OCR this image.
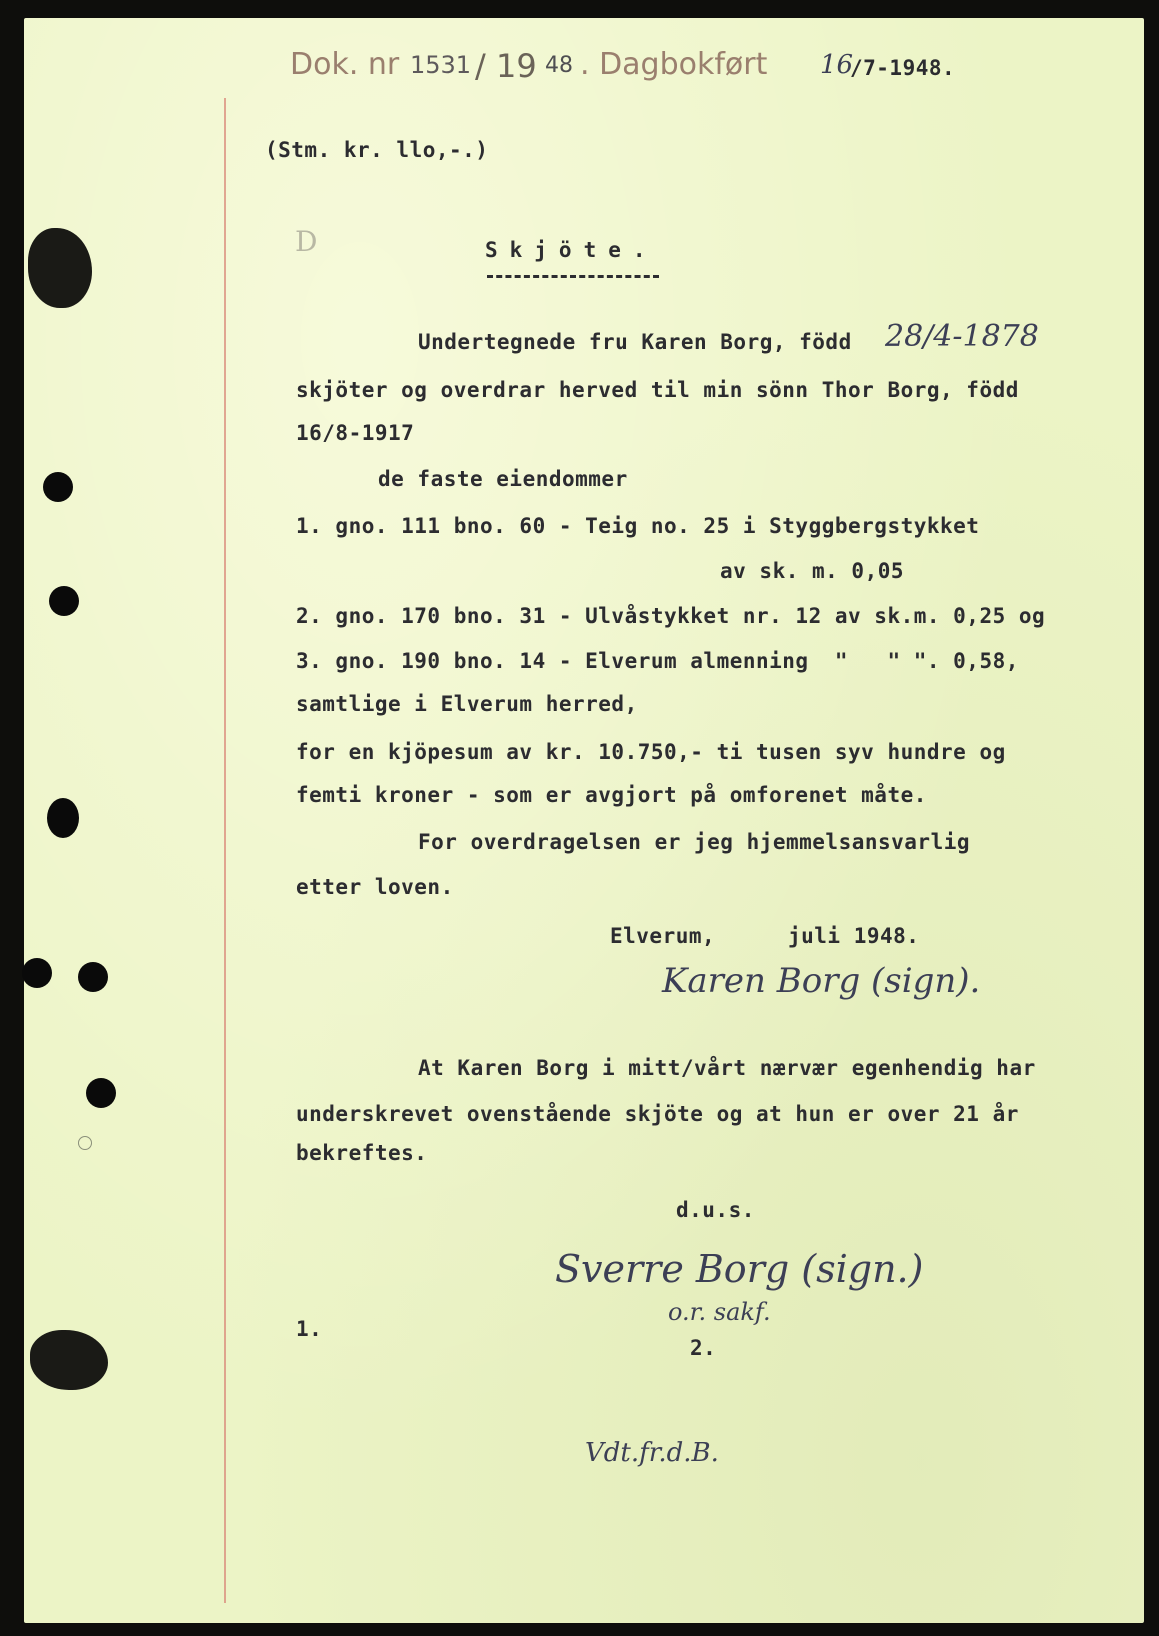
Dok. nr 1531 / 19 48 . Dagbokført 16
/7-1948.
(Stm. kr. llo,-.)
D	Skjöte.
Undertegnede fru Karen Borg, född 28/4-1878
skjöter og overdrar herved til min sönn Thor Borg, född
16/8-1917
de faste eiendommer
1. gno. 111 bno. 60 - Teig no. 25 i Styggbergstykket
av sk. m. 0,05
2. gno. 170 bno. 31 - Ulvåstykket nr. 12 av sk.m. 0,25 og
3. gno. 190 bno. 14 - Elverum almenning  "   " ". 0,58,
samtlige i Elverum herred,
for en kjöpesum av kr. 10.750,- ti tusen syv hundre og
femti kroner - som er avgjort på omforenet måte.
For overdragelsen er jeg hjemmelsansvarlig
etter loven.
Elverum,	juli 1948.
Karen Borg (sign).
At Karen Borg i mitt/vårt nærvær egenhendig har
underskrevet ovenstående skjöte og at hun er over 21 år
bekreftes.
d.u.s.
Sverre Borg (sign.)
o.r. sakf.
1.
2.
Vdt.fr.d.B.
